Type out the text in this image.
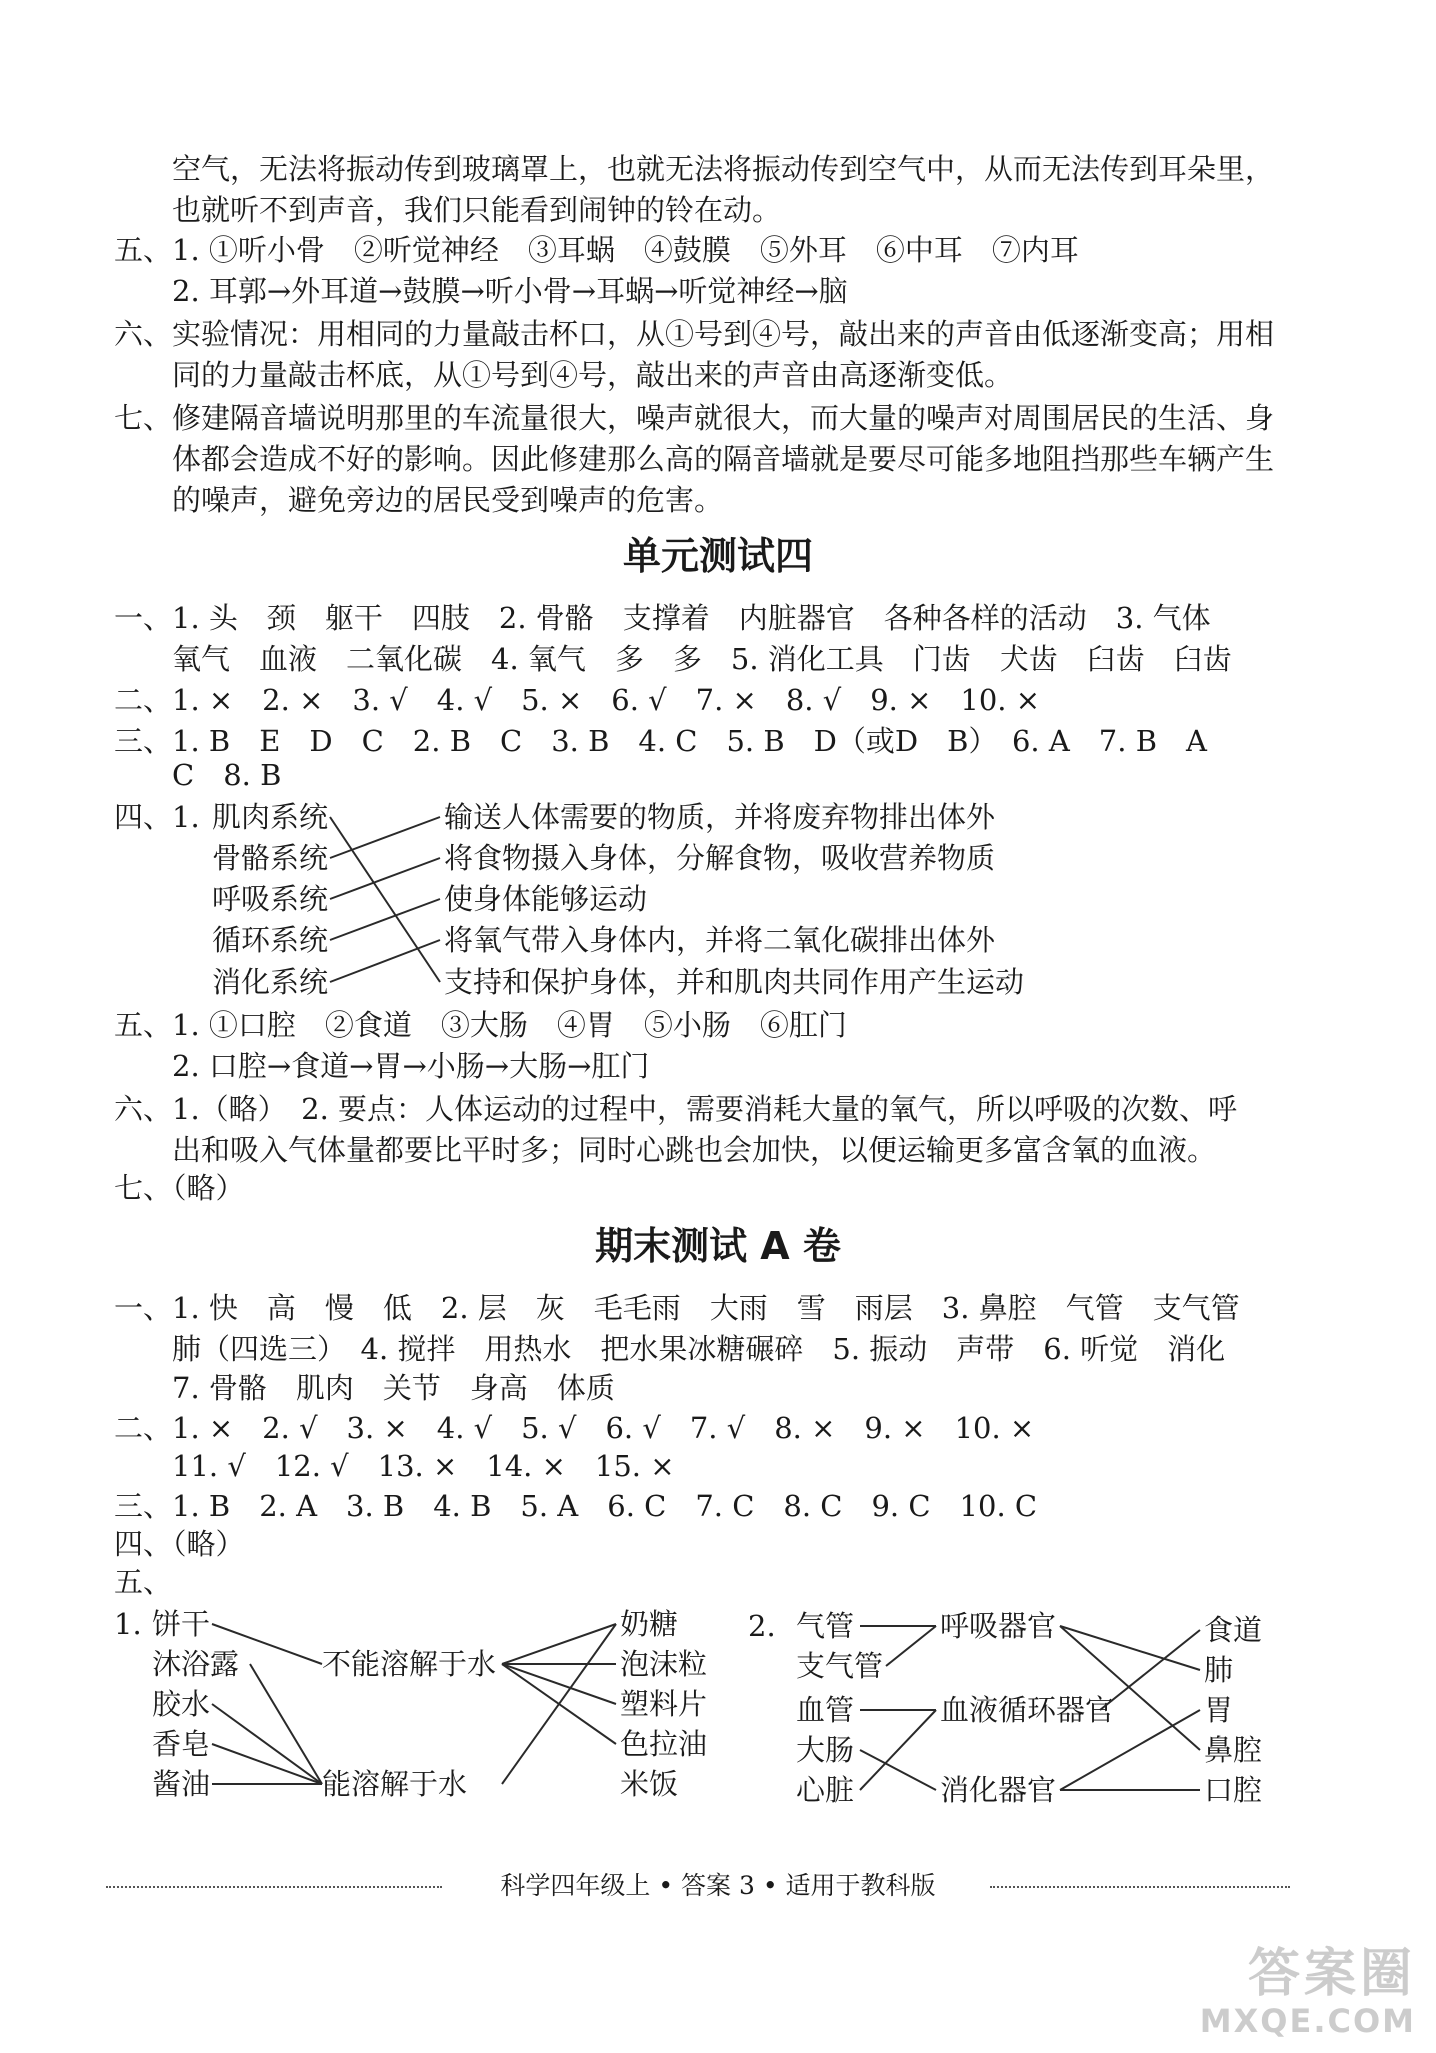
空气，无法将振动传到玻璃罩上，也就无法将振动传到空气中，从而无法传到耳朵里，
也就听不到声音，我们只能看到闹钟的铃在动。
五、1. ①听小骨　②听觉神经　③耳蜗　④鼓膜　⑤外耳　⑥中耳　⑦内耳
2. 耳郭→外耳道→鼓膜→听小骨→耳蜗→听觉神经→脑
六、实验情况：用相同的力量敲击杯口，从①号到④号，敲出来的声音由低逐渐变高；用相
同的力量敲击杯底，从①号到④号，敲出来的声音由高逐渐变低。
七、修建隔音墙说明那里的车流量很大，噪声就很大，而大量的噪声对周围居民的生活、身
体都会造成不好的影响。因此修建那么高的隔音墙就是要尽可能多地阻挡那些车辆产生
的噪声，避免旁边的居民受到噪声的危害。
单元测试四
一、1. 头　颈　躯干　四肢　2. 骨骼　支撑着　内脏器官　各种各样的活动　3. 气体
氧气　血液　二氧化碳　4. 氧气　多　多　5. 消化工具　门齿　犬齿　臼齿　臼齿
二、1. ×　2. ×　3. √　4. √　5. ×　6. √　7. ×　8. √　9. ×　10. ×
三、1. B　E　D　C　2. B　C　3. B　4. C　5. B　D（或D　B）　6. A　7. B　A
C　8. B
四、1. 肌肉系统
骨骼系统
呼吸系统
循环系统
消化系统
输送人体需要的物质，并将废弃物排出体外
将食物摄入身体，分解食物，吸收营养物质
使身体能够运动
将氧气带入身体内，并将二氧化碳排出体外
支持和保护身体，并和肌肉共同作用产生运动
五、1. ①口腔　②食道　③大肠　④胃　⑤小肠　⑥肛门
2. 口腔→食道→胃→小肠→大肠→肛门
六、1.（略）　2. 要点：人体运动的过程中，需要消耗大量的氧气，所以呼吸的次数、呼
出和吸入气体量都要比平时多；同时心跳也会加快，以便运输更多富含氧的血液。
七、（略）
期末测试 A 卷
一、1. 快　高　慢　低　2. 层　灰　毛毛雨　大雨　雪　雨层　3. 鼻腔　气管　支气管
肺（四选三）　4. 搅拌　用热水　把水果冰糖碾碎　5. 振动　声带　6. 听觉　消化
7. 骨骼　肌肉　关节　身高　体质
二、1. ×　2. √　3. ×　4. √　5. √　6. √　7. √　8. ×　9. ×　10. ×
11. √　12. √　13. ×　14. ×　15. ×
三、1. B　2. A　3. B　4. B　5. A　6. C　7. C　8. C　9. C　10. C
四、（略）
五、
1. 饼干
沐浴露
胶水
香皂
酱油
不能溶解于水
能溶解于水
奶糖
泡沫粒
塑料片
色拉油
米饭
2. 气管
支气管
血管
大肠
心脏
呼吸器官
血液循环器官
消化器官
食道
肺
胃
鼻腔
口腔
科学四年级上 • 答案 3 • 适用于教科版
答案圈
MXQE.COM
